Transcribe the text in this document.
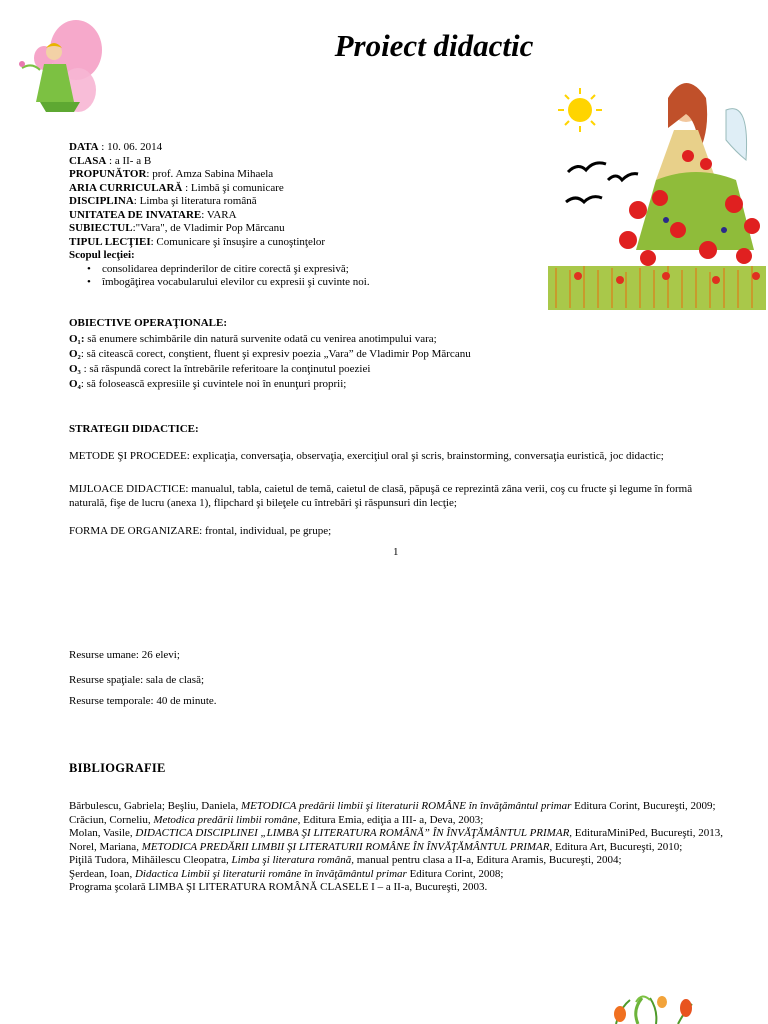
Proiect didactic
DATA : 10. 06. 2014
CLASA : a II- a B
PROPUNĂTOR: prof. Amza Sabina Mihaela
ARIA CURRICULARĂ : Limbă şi comunicare
DISCIPLINA: Limba şi literatura română
UNITATEA DE INVATARE: VARA
SUBIECTUL:"Vara", de Vladimir Pop Mărcanu
TIPUL LECŢIEI: Comunicare şi însuşire a cunoştinţelor
Scopul lecţiei:
• consolidarea deprinderilor de citire corectă şi expresivă;
• îmbogăţirea vocabularului elevilor cu expresii şi cuvinte noi.
OBIECTIVE OPERAŢIONALE:
O₁: să enumere schimbările din natură survenite odată cu venirea anotimpului vara;
O₂: să citească corect, conştient, fluent şi expresiv poezia „Vara” de Vladimir Pop Mărcanu
O₃ : să răspundă corect la întrebările referitoare la conţinutul poeziei
O₄: să folosească expresiile şi cuvintele noi în enunţuri proprii;
STRATEGII DIDACTICE:
METODE ŞI PROCEDEE: explicaţia, conversaţia, observaţia, exerciţiul oral şi scris, brainstorming, conversaţia euristică, joc didactic;
MIJLOACE DIDACTICE: manualul, tabla, caietul de temă, caietul de clasă, păpuşă ce reprezintă zâna verii, coş cu fructe şi legume în formă naturală, fişe de lucru (anexa 1), flipchard şi bileţele cu întrebări şi răspunsuri din lecţie;
FORMA DE ORGANIZARE: frontal, individual, pe grupe;
1
Resurse umane: 26 elevi;
Resurse spaţiale: sala de clasă;
Resurse temporale: 40 de minute.
BIBLIOGRAFIE
Bărbulescu, Gabriela; Beşliu, Daniela, METODICA predării limbii şi literaturii ROMÂNE în învăţământul primar Editura Corint, Bucureşti, 2009;
Crăciun, Corneliu, Metodica predării limbii române, Editura Emia, ediţia a III- a, Deva, 2003;
Molan, Vasile, DIDACTICA DISCIPLINEI „LIMBA ŞI LITERATURA ROMÂNĂ” ÎN ÎNVĂŢĂMÂNTUL PRIMAR, EdituraMiniPed, Bucureşti, 2013,
Norel, Mariana, METODICA PREDĂRII LIMBII ŞI LITERATURII ROMÂNE ÎN ÎNVĂŢĂMÂNTUL PRIMAR, Editura Art, Bucureşti, 2010;
Piţilă Tudora, Mihăilescu Cleopatra, Limba şi literatura română, manual pentru clasa a II-a, Editura Aramis, Bucureşti, 2004;
Şerdean, Ioan, Didactica Limbii şi literaturii române în învăţământul primar Editura Corint, 2008;
Programa şcolară LIMBA ŞI LITERATURA ROMÂNĂ CLASELE I – a II-a, Bucureşti, 2003.
